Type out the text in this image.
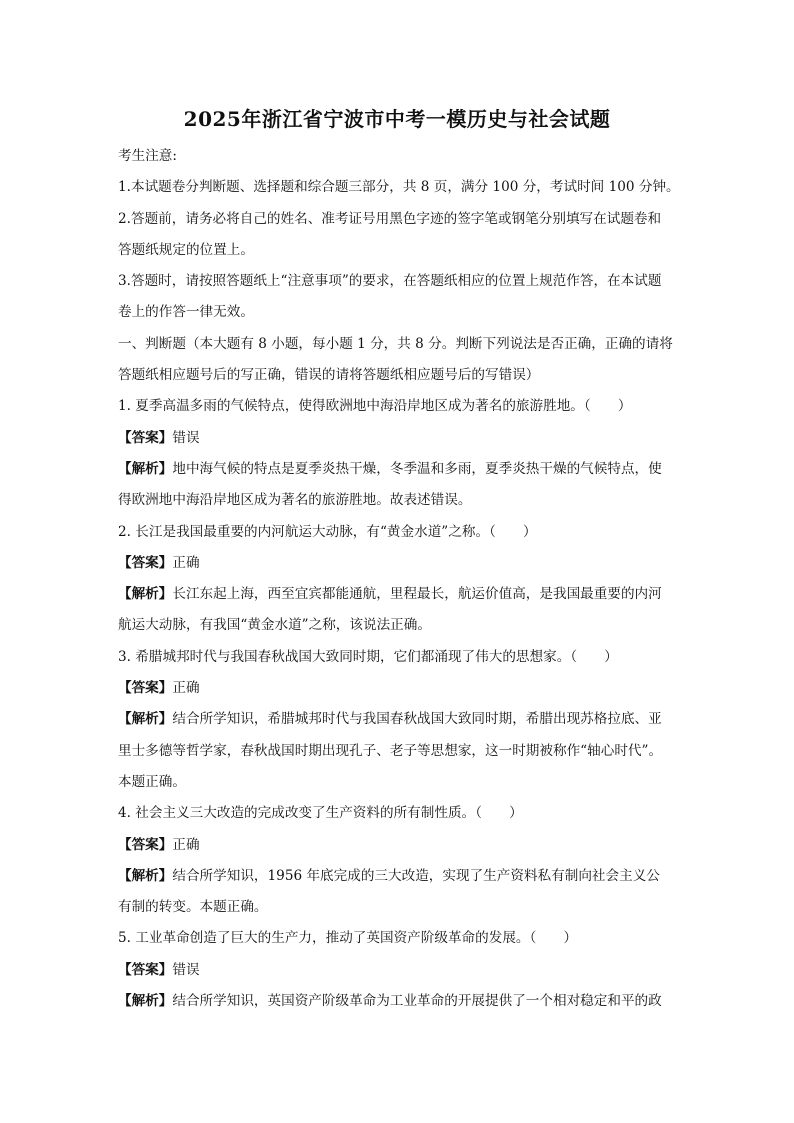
2025年浙江省宁波市中考一模历史与社会试题
考生注意:
1.本试题卷分判断题、选择题和综合题三部分，共 8 页，满分 100 分，考试时间 100 分钟。
2.答题前，请务必将自己的姓名、准考证号用黑色字迹的签字笔或钢笔分别填写在试题卷和
答题纸规定的位置上。
3.答题时，请按照答题纸上“注意事项”的要求，在答题纸相应的位置上规范作答，在本试题
卷上的作答一律无效。
一、判断题（本大题有 8 小题，每小题 1 分，共 8 分。判断下列说法是否正确，正确的请将
答题纸相应题号后的写正确，错误的请将答题纸相应题号后的写错误）
1. 夏季高温多雨的气候特点，使得欧洲地中海沿岸地区成为著名的旅游胜地。（　　）
【答案】错误
【解析】地中海气候的特点是夏季炎热干燥，冬季温和多雨，夏季炎热干燥的气候特点，使
得欧洲地中海沿岸地区成为著名的旅游胜地。故表述错误。
2. 长江是我国最重要的内河航运大动脉，有“黄金水道”之称。（　　）
【答案】正确
【解析】长江东起上海，西至宜宾都能通航，里程最长，航运价值高，是我国最重要的内河
航运大动脉，有我国“黄金水道”之称，该说法正确。
3. 希腊城邦时代与我国春秋战国大致同时期，它们都涌现了伟大的思想家。（　　）
【答案】正确
【解析】结合所学知识，希腊城邦时代与我国春秋战国大致同时期，希腊出现苏格拉底、亚
里士多德等哲学家，春秋战国时期出现孔子、老子等思想家，这一时期被称作“轴心时代”。
本题正确。
4. 社会主义三大改造的完成改变了生产资料的所有制性质。（　　）
【答案】正确
【解析】结合所学知识，1956 年底完成的三大改造，实现了生产资料私有制向社会主义公
有制的转变。本题正确。
5. 工业革命创造了巨大的生产力，推动了英国资产阶级革命的发展。（　　）
【答案】错误
【解析】结合所学知识，英国资产阶级革命为工业革命的开展提供了一个相对稳定和平的政
